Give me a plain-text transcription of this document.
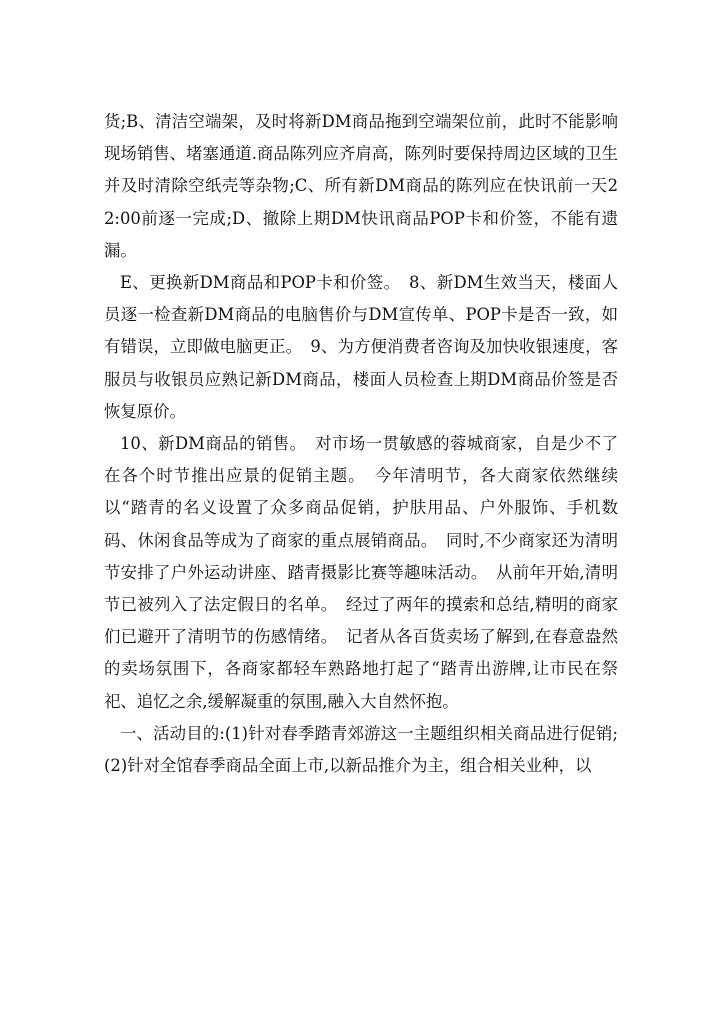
货;B、清洁空端架，及时将新DM商品拖到空端架位前，此时不能影响现场销售、堵塞通道.商品陈列应齐肩高，陈列时要保持周边区域的卫生并及时清除空纸壳等杂物;C、所有新DM商品的陈列应在快讯前一天22:00前逐一完成;D、撤除上期DM快讯商品POP卡和价签，不能有遗漏。

E、更换新DM商品和POP卡和价签。　8、新DM生效当天，楼面人员逐一检查新DM商品的电脑售价与DM宣传单、POP卡是否一致，如有错误，立即做电脑更正。　9、为方便消费者咨询及加快收银速度，客服员与收银员应熟记新DM商品，楼面人员检查上期DM商品价签是否恢复原价。

10、新DM商品的销售。　对市场一贯敏感的蓉城商家，自是少不了在各个时节推出应景的促销主题。　今年清明节，各大商家依然继续以“踏青的名义设置了众多商品促销，护肤用品、户外服饰、手机数码、休闲食品等成为了商家的重点展销商品。　同时,不少商家还为清明节安排了户外运动讲座、踏青摄影比赛等趣味活动。　从前年开始,清明节已被列入了法定假日的名单。　经过了两年的摸索和总结,精明的商家们已避开了清明节的伤感情绪。　记者从各百货卖场了解到,在春意盎然的卖场氛围下，各商家都轻车熟路地打起了“踏青出游牌,让市民在祭祀、追忆之余,缓解凝重的氛围,融入大自然怀抱。

一、活动目的:(1)针对春季踏青郊游这一主题组织相关商品进行促销;(2)针对全馆春季商品全面上市,以新品推介为主，组合相关业种，以
